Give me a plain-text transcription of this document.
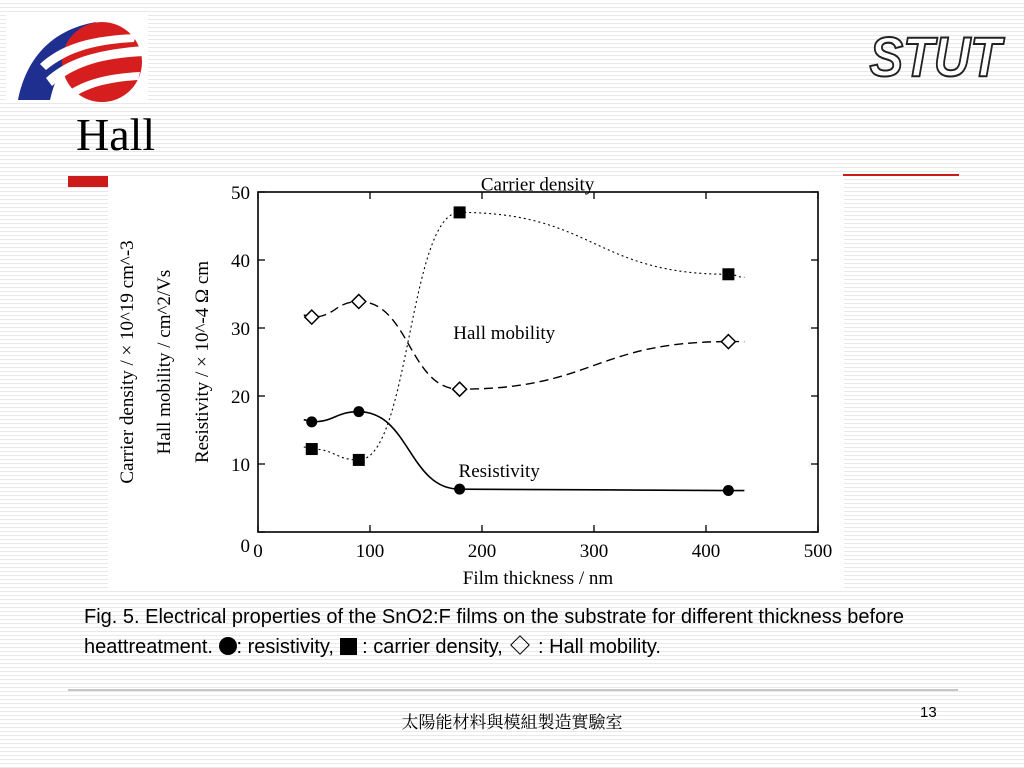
STUT
Hall
0	100	200	300	400	500
0
10
20
30
40
50
Film thickness / nm
Carrier density / × 10^19 cm^-3 Hall mobility / cm^2/Vs Resistivity / × 10^-4 Ω cm
Carrier density
Hall mobility
Resistivity

Fig. 5. Electrical properties of the SnO2:F films on the substrate for different thickness before heattreatment. : resistivity, : carrier density, : Hall mobility.

太陽能材料與模組製造實驗室
13
